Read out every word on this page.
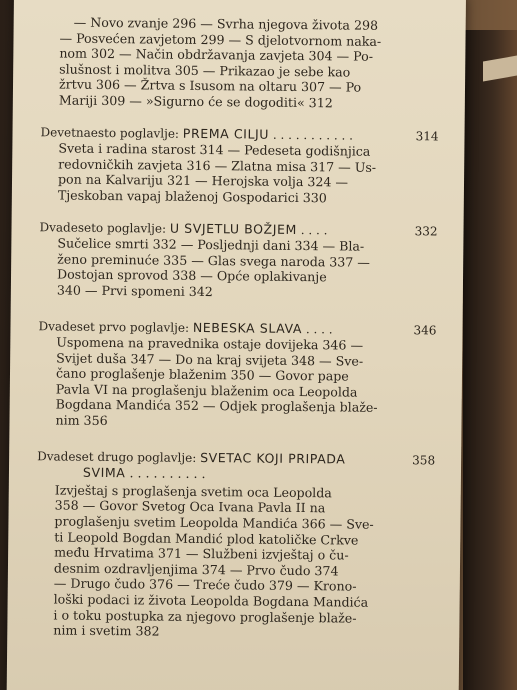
— Novo zvanje 296 — Svrha njegova života 298
— Posvećen zavjetom 299 — S djelotvornom naka-
nom 302 — Način obdržavanja zavjeta 304 — Po-
slušnost i molitva 305 — Prikazao je sebe kao
žrtvu 306 — Žrtva s Isusom na oltaru 307 — Po
Mariji 309 — »Sigurno će se dogoditi« 312
Devetnaesto poglavlje: PREMA CILJU . . . . . . . . . . .	314
Sveta i radina starost 314 — Pedeseta godišnjica
redovničkih zavjeta 316 — Zlatna misa 317 — Us-
pon na Kalvariju 321 — Herojska volja 324 —
Tjeskoban vapaj blaženoj Gospodarici 330
Dvadeseto poglavlje: U SVJETLU BOŽJEM . . . .	332
Sučelice smrti 332 — Posljednji dani 334 — Bla-
ženo preminuće 335 — Glas svega naroda 337 —
Dostojan sprovod 338 — Opće oplakivanje
340 — Prvi spomeni 342
Dvadeset prvo poglavlje: NEBESKA SLAVA . . . .	346
Uspomena na pravednika ostaje dovijeka 346 —
Svijet duša 347 — Do na kraj svijeta 348 — Sve-
čano proglašenje blaženim 350 — Govor pape
Pavla VI na proglašenju blaženim oca Leopolda
Bogdana Mandića 352 — Odjek proglašenja blaže-
nim 356
Dvadeset drugo poglavlje: SVETAC KOJI PRIPADA	358
SVIMA . . . . . . . . . .
Izvještaj s proglašenja svetim oca Leopolda
358 — Govor Svetog Oca Ivana Pavla II na
proglašenju svetim Leopolda Mandića 366 — Sve-
ti Leopold Bogdan Mandić plod katoličke Crkve
među Hrvatima 371 — Službeni izvještaj o ču-
desnim ozdravljenjima 374 — Prvo čudo 374
— Drugo čudo 376 — Treće čudo 379 — Krono-
loški podaci iz života Leopolda Bogdana Mandića
i o toku postupka za njegovo proglašenje blaže-
nim i svetim 382
